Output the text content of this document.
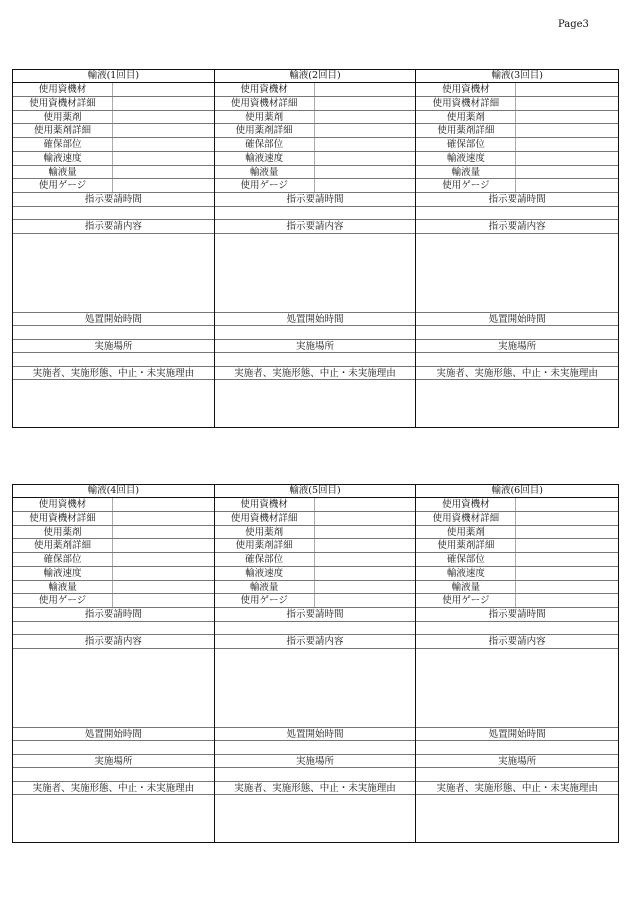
Page3
輸液(1回目)
使用資機材
使用資機材詳細
使用薬剤
使用薬剤詳細
確保部位
輸液速度
輸液量
使用ゲージ
指示要請時間
指示要請内容
処置開始時間
実施場所
実施者、実施形態、中止・未実施理由
輸液(2回目)
使用資機材
使用資機材詳細
使用薬剤
使用薬剤詳細
確保部位
輸液速度
輸液量
使用ゲージ
指示要請時間
指示要請内容
処置開始時間
実施場所
実施者、実施形態、中止・未実施理由
輸液(3回目)
使用資機材
使用資機材詳細
使用薬剤
使用薬剤詳細
確保部位
輸液速度
輸液量
使用ゲージ
指示要請時間
指示要請内容
処置開始時間
実施場所
実施者、実施形態、中止・未実施理由
輸液(4回目)
使用資機材
使用資機材詳細
使用薬剤
使用薬剤詳細
確保部位
輸液速度
輸液量
使用ゲージ
指示要請時間
指示要請内容
処置開始時間
実施場所
実施者、実施形態、中止・未実施理由
輸液(5回目)
使用資機材
使用資機材詳細
使用薬剤
使用薬剤詳細
確保部位
輸液速度
輸液量
使用ゲージ
指示要請時間
指示要請内容
処置開始時間
実施場所
実施者、実施形態、中止・未実施理由
輸液(6回目)
使用資機材
使用資機材詳細
使用薬剤
使用薬剤詳細
確保部位
輸液速度
輸液量
使用ゲージ
指示要請時間
指示要請内容
処置開始時間
実施場所
実施者、実施形態、中止・未実施理由
